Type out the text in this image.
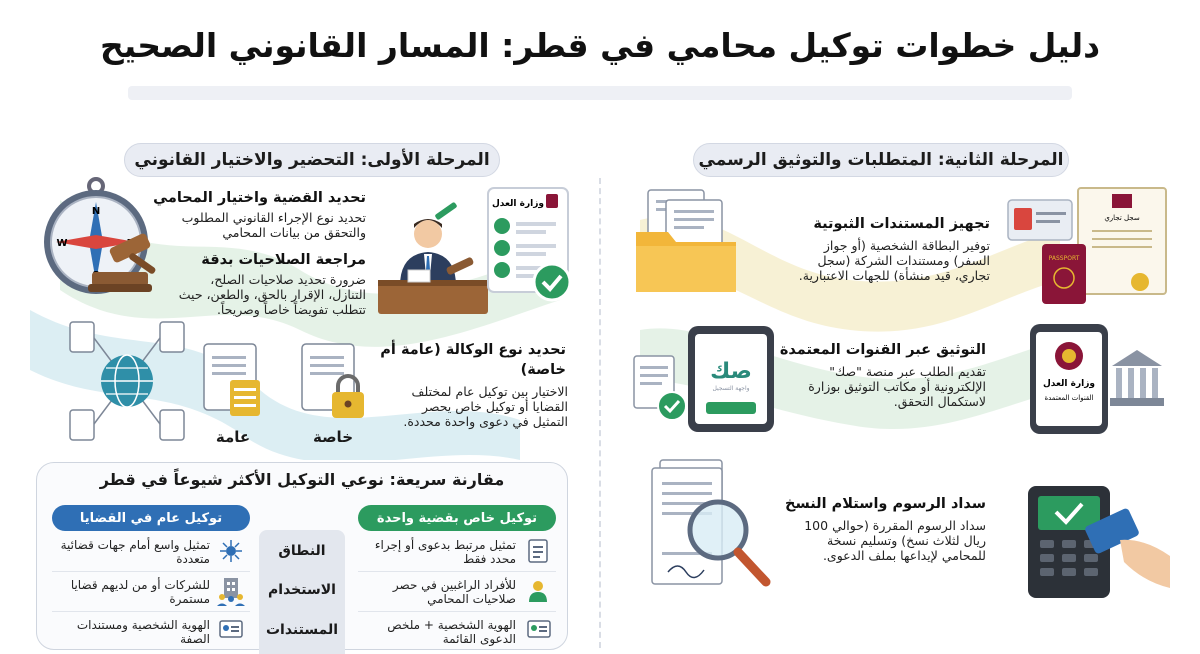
دليل خطوات توكيل محامي في قطر: المسار القانوني الصحيح
المرحلة الأولى: التحضير والاختيار القانوني	المرحلة الثانية: المتطلبات والتوثيق الرسمي
N
W
تحديد القضية واختيار المحامي
تحديد نوع الإجراء القانوني المطلوب والتحقق من بيانات المحامي
مراجعة الصلاحيات بدقة
ضرورة تحديد صلاحيات الصلح، التنازل، الإقرار بالحق، والطعن، حيث تتطلب تفويضاً خاصاً وصريحاً.
وزارة العدل
عامة	خاصة
تحديد نوع الوكالة (عامة أم خاصة)
الاختيار بين توكيل عام لمختلف القضايا أو توكيل خاص يحصر التمثيل في دعوى واحدة محددة.
تجهيز المستندات الثبوتية
توفير البطاقة الشخصية (أو جواز السفر) ومستندات الشركة (سجل تجاري، قيد منشأة) للجهات الاعتبارية.
سجل تجاري
PASSPORT
صك
واجهة التسجيل
التوثيق عبر القنوات المعتمدة
تقديم الطلب عبر منصة "صك" الإلكترونية أو مكاتب التوثيق بوزارة لاستكمال التحقق.
وزارة العدل
القنوات المعتمدة
سداد الرسوم واستلام النسخ
سداد الرسوم المقررة (حوالي 100 ريال لثلاث نسخ) وتسليم نسخة للمحامي لإيداعها بملف الدعوى.
مقارنة سريعة: نوعي التوكيل الأكثر شيوعاً في قطر
توكيل خاص بقضية واحدة
توكيل عام في القضايا
النطاق
الاستخدام
المستندات
تمثيل مرتبط بدعوى أو إجراء محدد فقط
للأفراد الراغبين في حصر صلاحيات المحامي
الهوية الشخصية + ملخص الدعوى القائمة
تمثيل واسع أمام جهات قضائية متعددة
للشركات أو من لديهم قضايا مستمرة
الهوية الشخصية ومستندات الصفة
